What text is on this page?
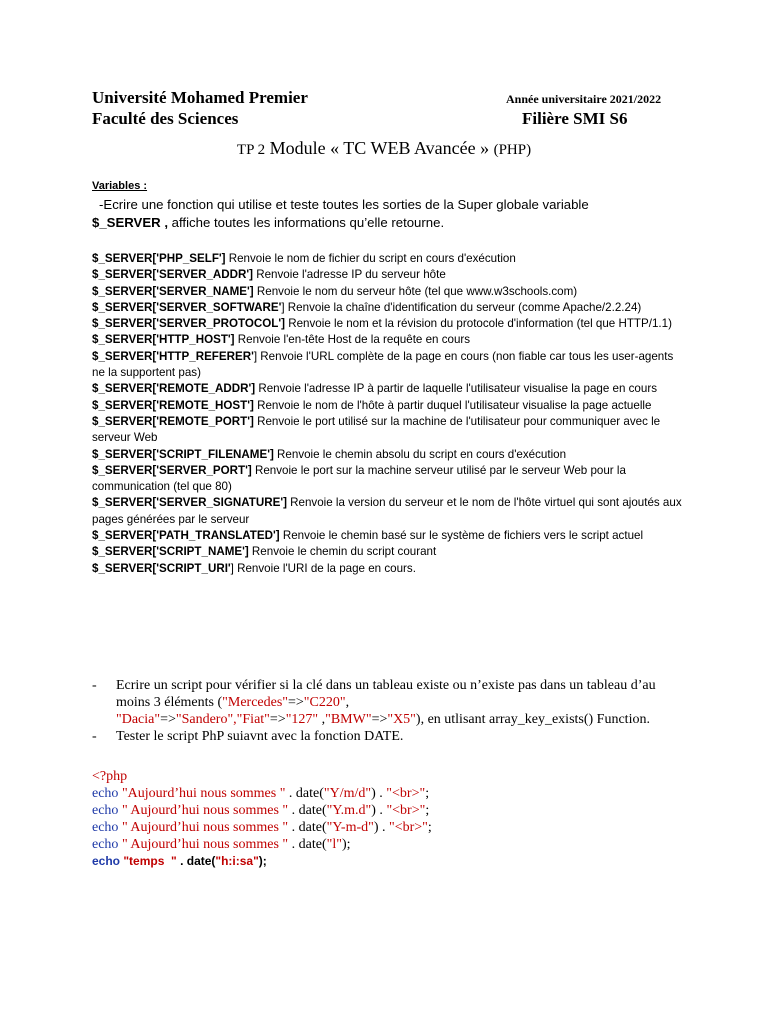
Université Mohamed Premier
Faculté des Sciences
Année universitaire 2021/2022
Filière SMI S6
TP 2 Module « TC WEB Avancée » (PHP)
Variables :
-Ecrire une fonction qui utilise et teste toutes les sorties de la Super globale variable
$_SERVER , affiche toutes les informations qu’elle retourne.
$_SERVER['PHP_SELF'] Renvoie le nom de fichier du script en cours d'exécution
$_SERVER['SERVER_ADDR'] Renvoie l'adresse IP du serveur hôte
$_SERVER['SERVER_NAME'] Renvoie le nom du serveur hôte (tel que www.w3schools.com)
$_SERVER['SERVER_SOFTWARE'] Renvoie la chaîne d'identification du serveur (comme Apache/2.2.24)
$_SERVER['SERVER_PROTOCOL'] Renvoie le nom et la révision du protocole d'information (tel que HTTP/1.1)
$_SERVER['HTTP_HOST'] Renvoie l'en-tête Host de la requête en cours
$_SERVER['HTTP_REFERER'] Renvoie l'URL complète de la page en cours (non fiable car tous les user-agents ne la supportent pas)
$_SERVER['REMOTE_ADDR'] Renvoie l'adresse IP à partir de laquelle l'utilisateur visualise la page en cours
$_SERVER['REMOTE_HOST'] Renvoie le nom de l'hôte à partir duquel l'utilisateur visualise la page actuelle
$_SERVER['REMOTE_PORT'] Renvoie le port utilisé sur la machine de l'utilisateur pour communiquer avec le serveur Web
$_SERVER['SCRIPT_FILENAME'] Renvoie le chemin absolu du script en cours d'exécution
$_SERVER['SERVER_PORT'] Renvoie le port sur la machine serveur utilisé par le serveur Web pour la communication (tel que 80)
$_SERVER['SERVER_SIGNATURE'] Renvoie la version du serveur et le nom de l'hôte virtuel qui sont ajoutés aux pages générées par le serveur
$_SERVER['PATH_TRANSLATED'] Renvoie le chemin basé sur le système de fichiers vers le script actuel
$_SERVER['SCRIPT_NAME'] Renvoie le chemin du script courant
$_SERVER['SCRIPT_URI'] Renvoie l'URI de la page en cours.
- Ecrire un script pour vérifier si la clé dans un tableau existe ou n’existe pas dans un tableau d’au moins 3 éléments ("Mercedes"=>"C220",
"Dacia"=>"Sandero","Fiat"=>"127" ,"BMW"=>"X5"), en utlisant array_key_exists() Function.
- Tester le script PhP suiavnt avec la fonction DATE.
<?php
echo "Aujourd’hui nous sommes " . date("Y/m/d") . "<br>";
echo " Aujourd’hui nous sommes " . date("Y.m.d") . "<br>";
echo " Aujourd’hui nous sommes " . date("Y-m-d") . "<br>";
echo " Aujourd’hui nous sommes " . date("l");
echo "temps  " . date("h:i:sa");
